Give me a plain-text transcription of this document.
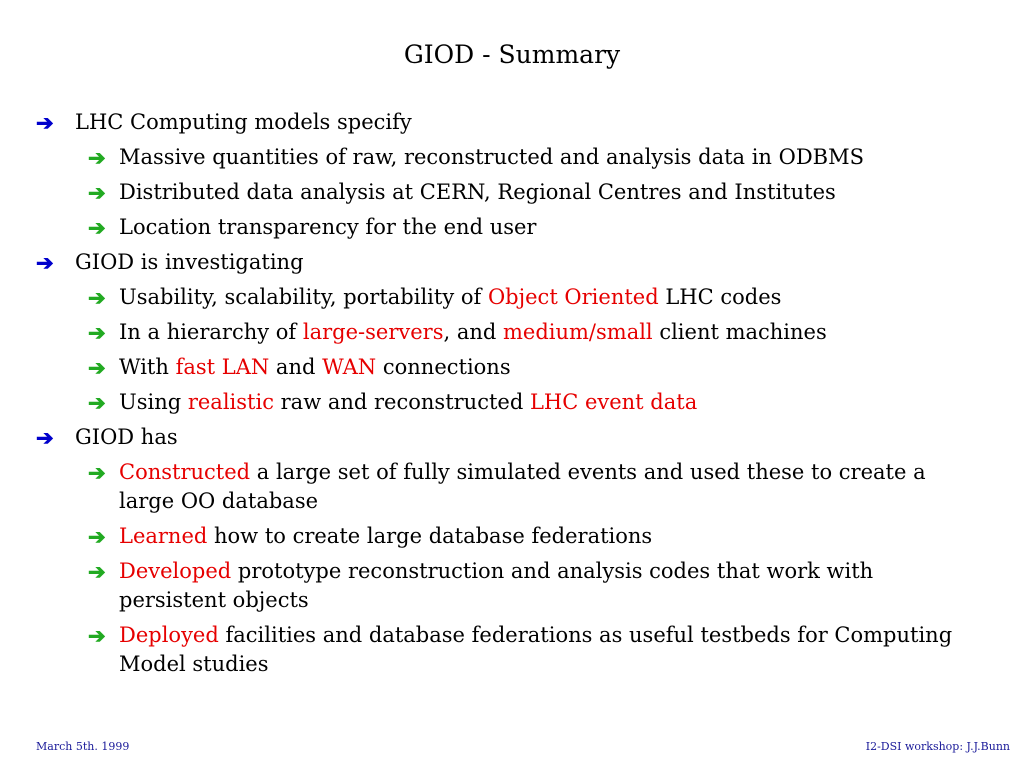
GIOD - Summary
➔ LHC Computing models specify
➔ Massive quantities of raw, reconstructed and analysis data in ODBMS
➔ Distributed data analysis at CERN, Regional Centres and Institutes
➔ Location transparency for the end user
➔ GIOD is investigating
➔ Usability, scalability, portability of Object Oriented LHC codes
➔ In a hierarchy of large-servers, and medium/small client machines
➔ With fast LAN and WAN connections
➔ Using realistic raw and reconstructed LHC event data
➔ GIOD has
➔ Constructed a large set of fully simulated events and used these to create a large OO database
➔ Learned how to create large database federations
➔ Developed prototype reconstruction and analysis codes that work with persistent objects
➔ Deployed facilities and database federations as useful testbeds for Computing Model studies
March 5th. 1999	I2-DSI workshop: J.J.Bunn
